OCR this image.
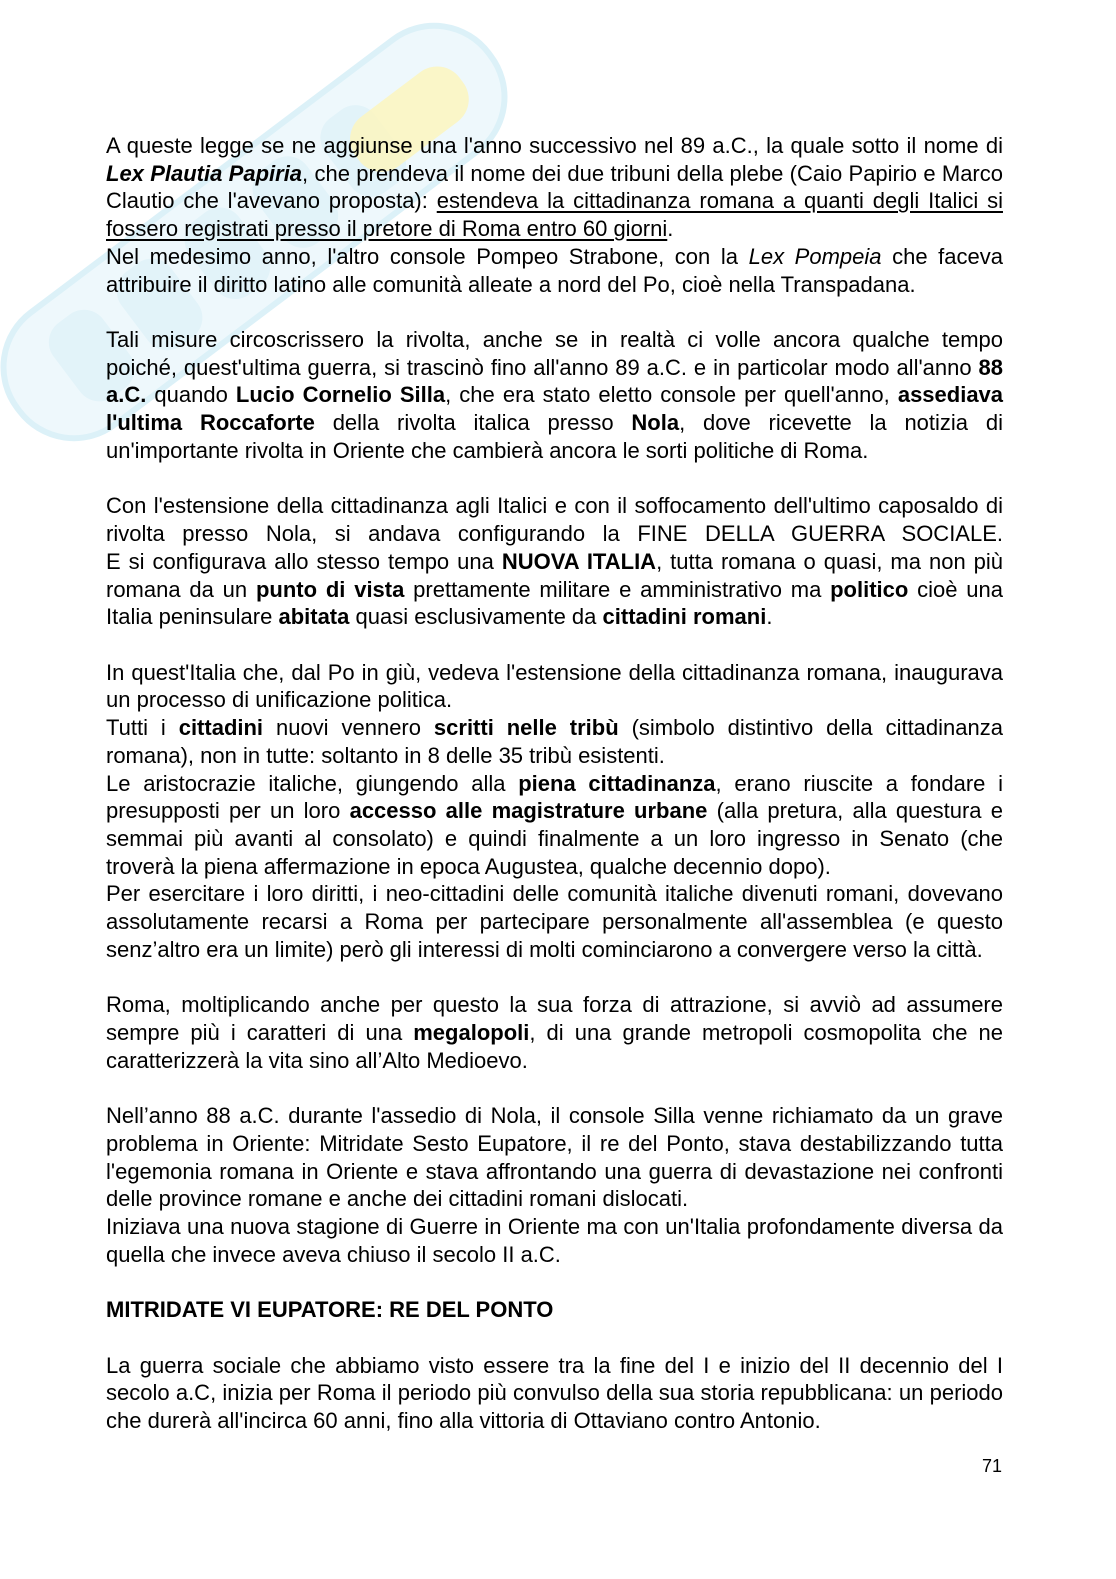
A queste legge se ne aggiunse una l'anno successivo nel 89 a.C., la quale sotto il nome di
Lex Plautia Papiria, che prendeva il nome dei due tribuni della plebe (Caio Papirio e Marco
Clautio che l'avevano proposta): estendeva la cittadinanza romana a quanti degli Italici si
fossero registrati presso il pretore di Roma entro 60 giorni.
Nel medesimo anno, l'altro console Pompeo Strabone, con la Lex Pompeia che faceva
attribuire il diritto latino alle comunità alleate a nord del Po, cioè nella Transpadana.
Tali misure circoscrissero la rivolta, anche se in realtà ci volle ancora qualche tempo
poiché, quest'ultima guerra, si trascinò fino all'anno 89 a.C. e in particolar modo all'anno 88
a.C. quando Lucio Cornelio Silla, che era stato eletto console per quell'anno, assediava
l'ultima Roccaforte della rivolta italica presso Nola, dove ricevette la notizia di
un'importante rivolta in Oriente che cambierà ancora le sorti politiche di Roma.
Con l'estensione della cittadinanza agli Italici e con il soffocamento dell'ultimo caposaldo di
rivolta presso Nola, si andava configurando la FINE DELLA GUERRA SOCIALE.
E si configurava allo stesso tempo una NUOVA ITALIA, tutta romana o quasi, ma non più
romana da un punto di vista prettamente militare e amministrativo ma politico cioè una
Italia peninsulare abitata quasi esclusivamente da cittadini romani.
In quest'Italia che, dal Po in giù, vedeva l'estensione della cittadinanza romana, inaugurava
un processo di unificazione politica.
Tutti i cittadini nuovi vennero scritti nelle tribù (simbolo distintivo della cittadinanza
romana), non in tutte: soltanto in 8 delle 35 tribù esistenti.
Le aristocrazie italiche, giungendo alla piena cittadinanza, erano riuscite a fondare i
presupposti per un loro accesso alle magistrature urbane (alla pretura, alla questura e
semmai più avanti al consolato) e quindi finalmente a un loro ingresso in Senato (che
troverà la piena affermazione in epoca Augustea, qualche decennio dopo).
Per esercitare i loro diritti, i neo-cittadini delle comunità italiche divenuti romani, dovevano
assolutamente recarsi a Roma per partecipare personalmente all'assemblea (e questo
senz’altro era un limite) però gli interessi di molti cominciarono a convergere verso la città.
Roma, moltiplicando anche per questo la sua forza di attrazione, si avviò ad assumere
sempre più i caratteri di una megalopoli, di una grande metropoli cosmopolita che ne
caratterizzerà la vita sino all’Alto Medioevo.
Nell’anno 88 a.C. durante l'assedio di Nola, il console Silla venne richiamato da un grave
problema in Oriente: Mitridate Sesto Eupatore, il re del Ponto, stava destabilizzando tutta
l'egemonia romana in Oriente e stava affrontando una guerra di devastazione nei confronti
delle province romane e anche dei cittadini romani dislocati.
Iniziava una nuova stagione di Guerre in Oriente ma con un'Italia profondamente diversa da
quella che invece aveva chiuso il secolo II a.C.
MITRIDATE VI EUPATORE: RE DEL PONTO
La guerra sociale che abbiamo visto essere tra la fine del I e inizio del II decennio del I
secolo a.C, inizia per Roma il periodo più convulso della sua storia repubblicana: un periodo
che durerà all'incirca 60 anni, fino alla vittoria di Ottaviano contro Antonio.
71
